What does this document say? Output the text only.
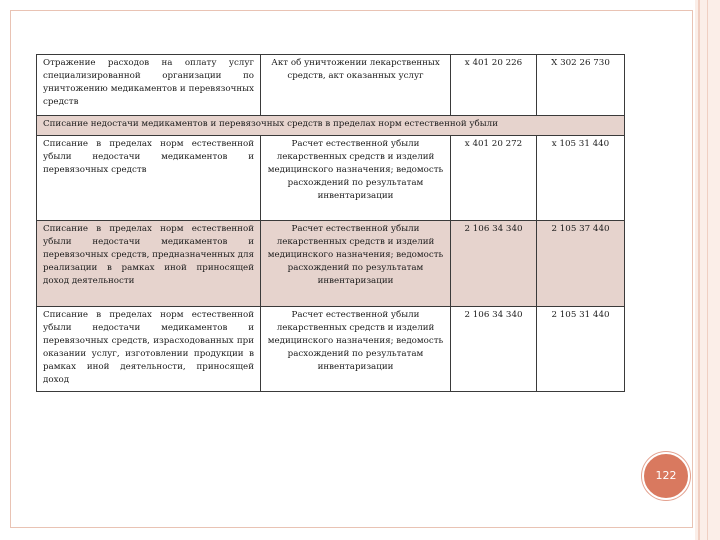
Отражение расходов на оплату услуг специализированной организации по уничтожению медикаментов и перевязочных средств	Акт об уничтожении лекарственных средств, акт оказанных услуг	х 401 20 226	Х 302 26 730
Списание недостачи медикаментов и перевязочных средств в пределах норм естественной убыли			
Списание в пределах норм естественной убыли недостачи медикаментов и перевязочных средств	Расчет естественной убыли лекарственных средств и изделий медицинского назначения; ведомость расхождений по результатам инвентаризации	х 401 20 272	х 105 31 440
Списание в пределах норм естественной убыли недостачи медикаментов и перевязочных средств, предназначенных для реализации в рамках иной приносящей доход деятельности	Расчет естественной убыли лекарственных средств и изделий медицинского назначения; ведомость расхождений по результатам инвентаризации	2 106 34 340	2 105 37 440
Списание в пределах норм естественной убыли недостачи медикаментов и перевязочных средств, израсходованных при оказании услуг, изготовлении продукции в рамках иной деятельности, приносящей доход	Расчет естественной убыли лекарственных средств и изделий медицинского назначения; ведомость расхождений по результатам инвентаризации	2 106 34 340	2 105 31 440
122
